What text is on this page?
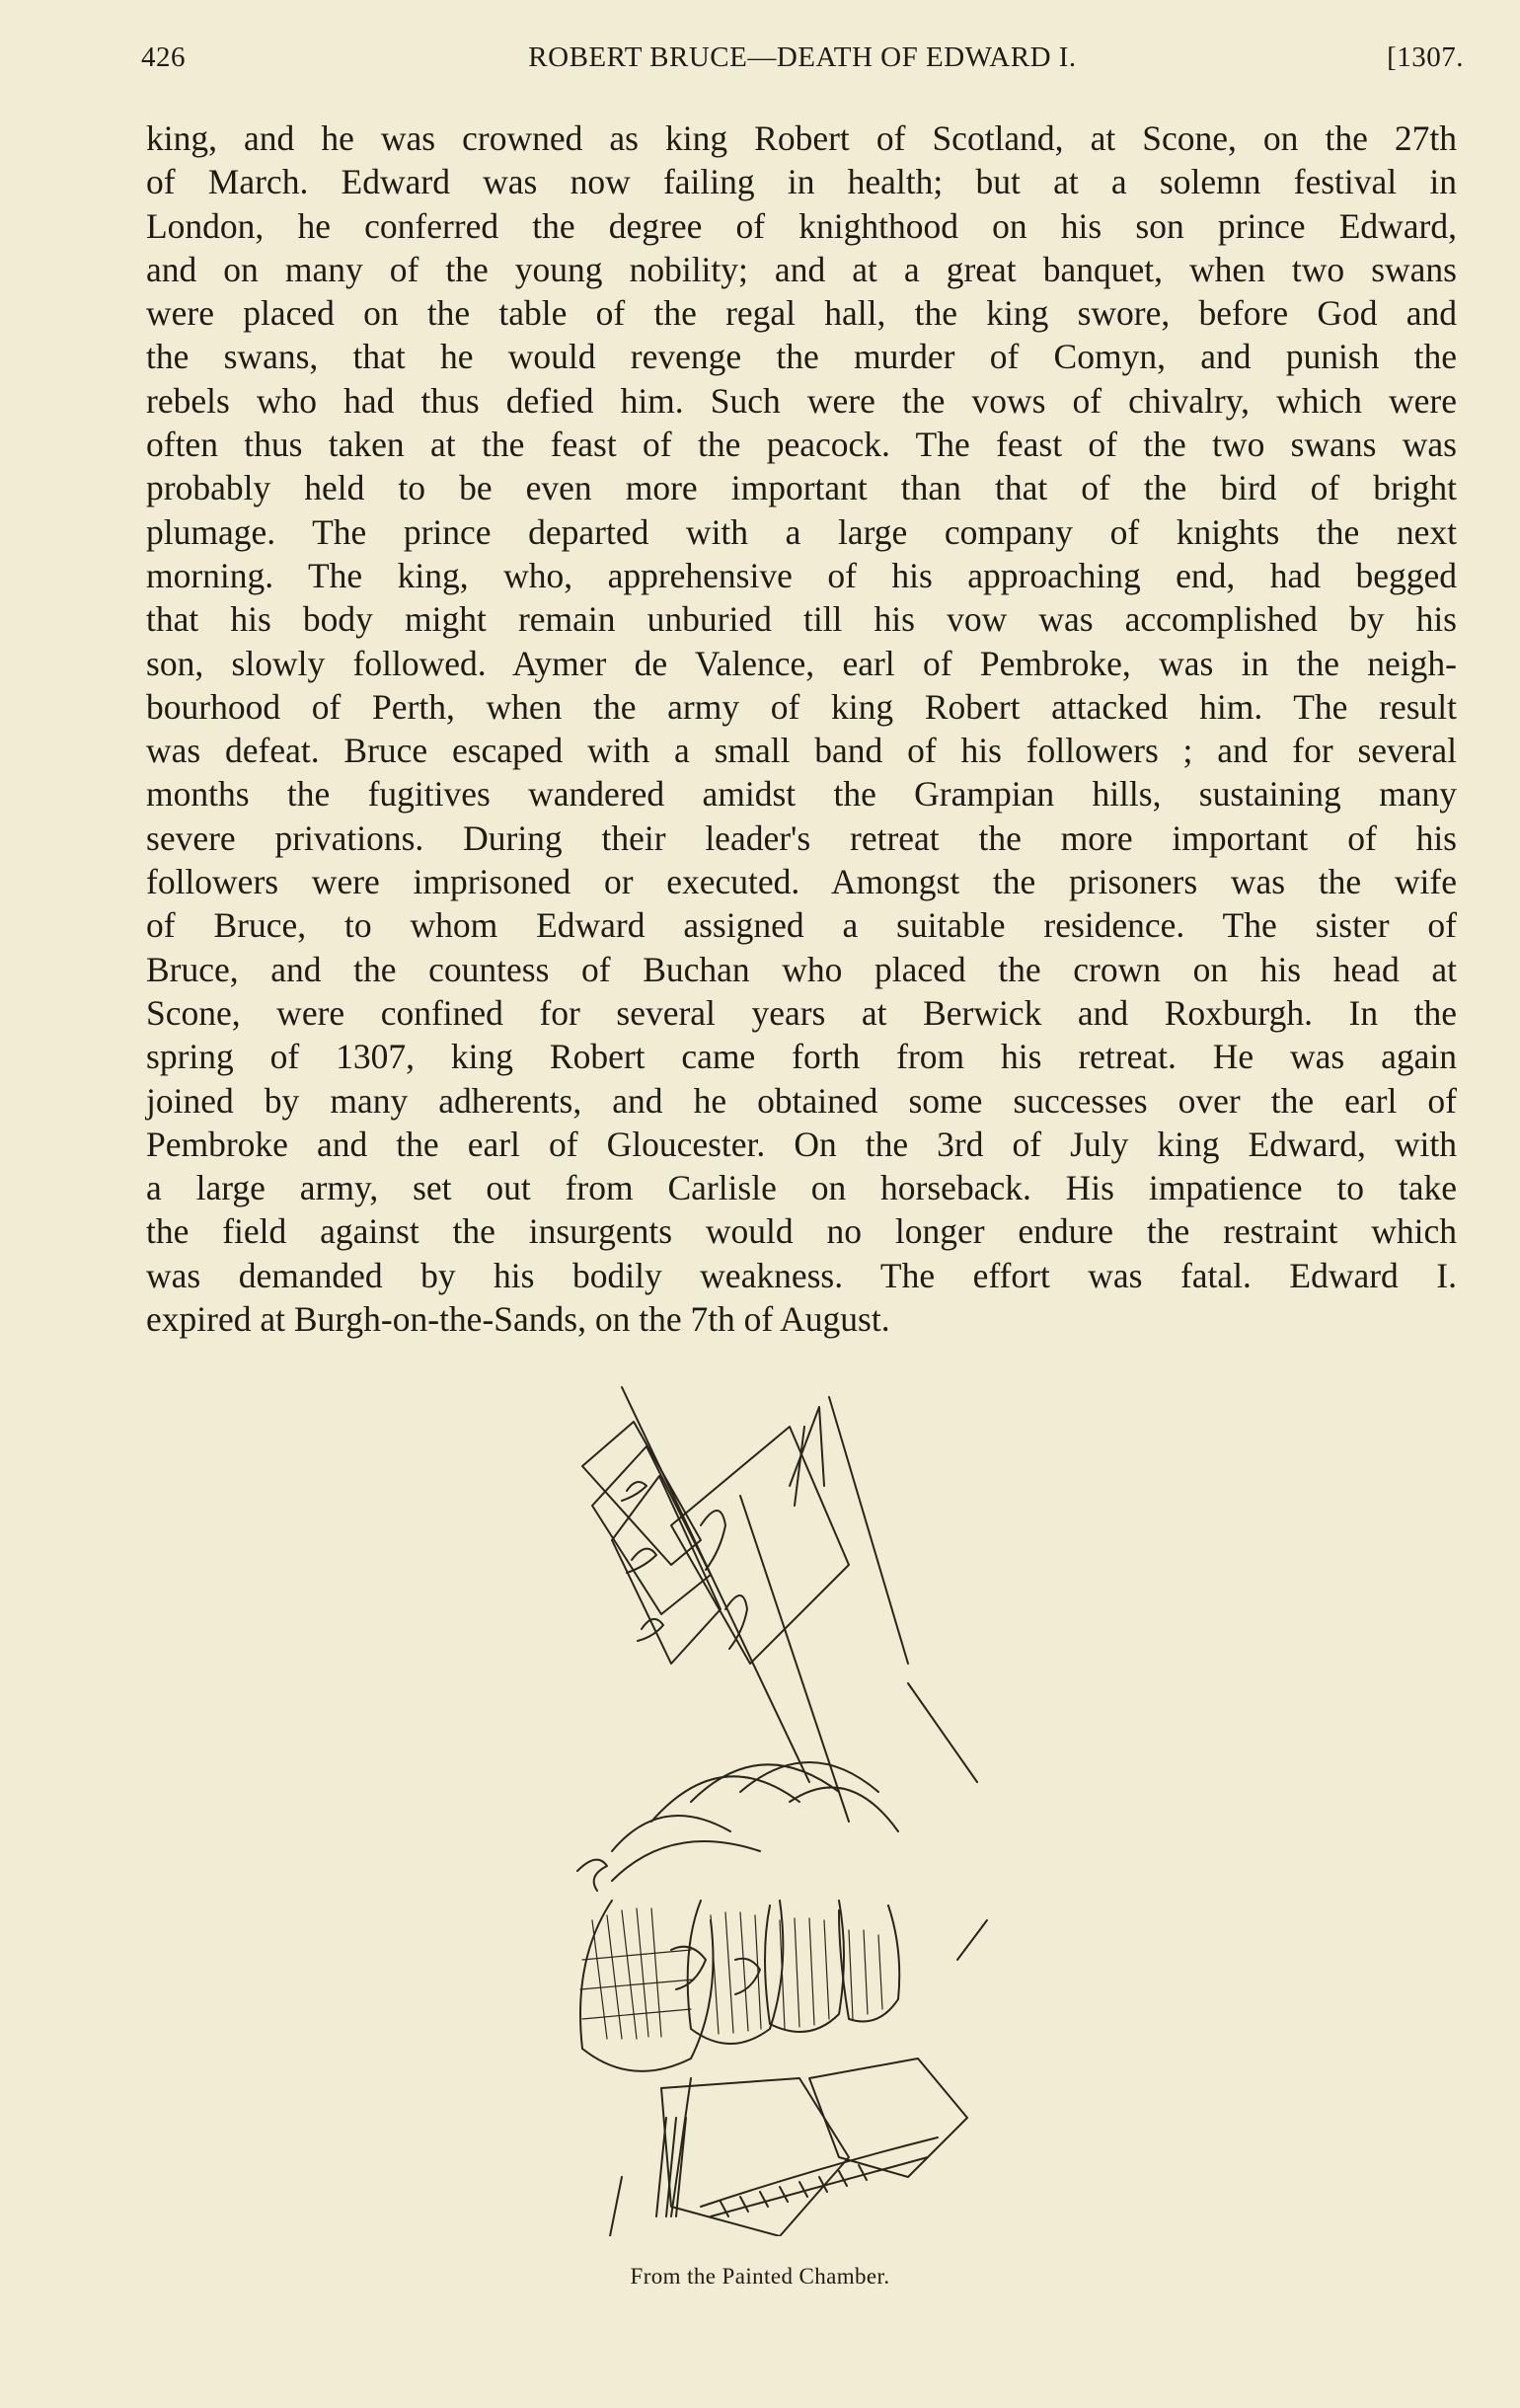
426	ROBERT BRUCE—DEATH OF EDWARD I.	[1307.
king, and he was crowned as king Robert of Scotland, at Scone, on the 27th
of March. Edward was now failing in health; but at a solemn festival in
London, he conferred the degree of knighthood on his son prince Edward,
and on many of the young nobility; and at a great banquet, when two swans
were placed on the table of the regal hall, the king swore, before God and
the swans, that he would revenge the murder of Comyn, and punish the
rebels who had thus defied him. Such were the vows of chivalry, which were
often thus taken at the feast of the peacock. The feast of the two swans was
probably held to be even more important than that of the bird of bright
plumage. The prince departed with a large company of knights the next
morning. The king, who, apprehensive of his approaching end, had begged
that his body might remain unburied till his vow was accomplished by his
son, slowly followed. Aymer de Valence, earl of Pembroke, was in the neigh-
bourhood of Perth, when the army of king Robert attacked him. The result
was defeat. Bruce escaped with a small band of his followers ; and for several
months the fugitives wandered amidst the Grampian hills, sustaining many
severe privations. During their leader's retreat the more important of his
followers were imprisoned or executed. Amongst the prisoners was the wife
of Bruce, to whom Edward assigned a suitable residence. The sister of
Bruce, and the countess of Buchan who placed the crown on his head at
Scone, were confined for several years at Berwick and Roxburgh. In the
spring of 1307, king Robert came forth from his retreat. He was again
joined by many adherents, and he obtained some successes over the earl of
Pembroke and the earl of Gloucester. On the 3rd of July king Edward, with
a large army, set out from Carlisle on horseback. His impatience to take
the field against the insurgents would no longer endure the restraint which
was demanded by his bodily weakness. The effort was fatal. Edward I.
expired at Burgh-on-the-Sands, on the 7th of August.
From the Painted Chamber.
